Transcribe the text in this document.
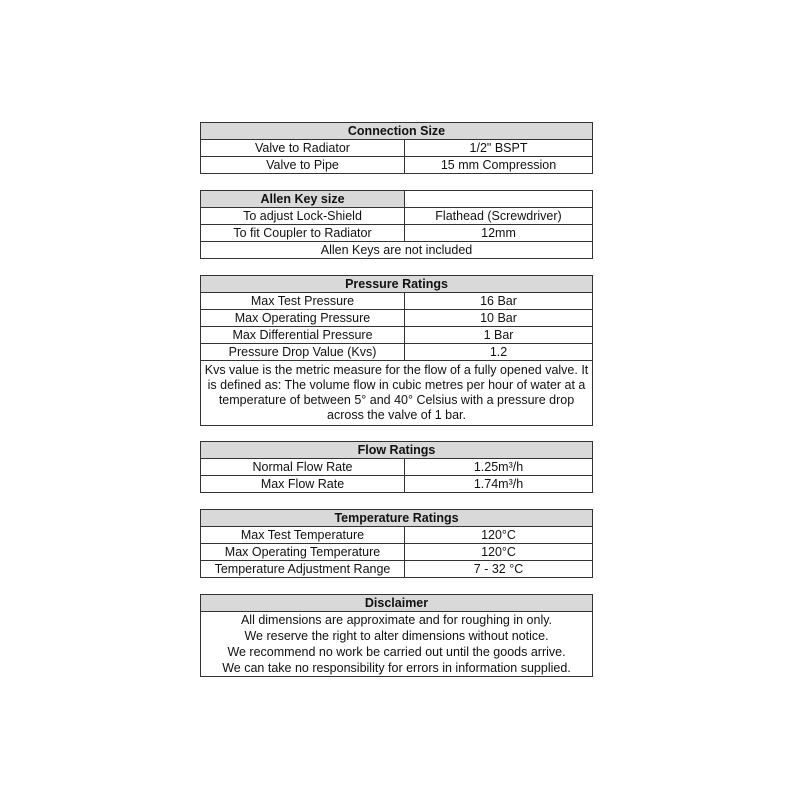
Connection Size	
Valve to Radiator	1/2" BSPT
Valve to Pipe	15 mm Compression
Allen Key size	
To adjust Lock-Shield	Flathead (Screwdriver)
To fit Coupler to Radiator	12mm
Allen Keys are not included	
Pressure Ratings	
Max Test Pressure	16 Bar
Max Operating Pressure	10 Bar
Max Differential Pressure	1 Bar
Pressure Drop Value (Kvs)	1.2
Kvs value is the metric measure for the flow of a fully opened valve. It is defined as: The volume flow in cubic metres per hour of water at a temperature of between 5° and 40° Celsius with a pressure drop across the valve of 1 bar.	
Flow Ratings	
Normal Flow Rate	1.25m³/h
Max Flow Rate	1.74m³/h
Temperature Ratings	
Max Test Temperature	120°C
Max Operating Temperature	120°C
Temperature Adjustment Range	7 - 32 °C
Disclaimer
All dimensions are approximate and for roughing in only.
We reserve the right to alter dimensions without notice.
We recommend no work be carried out until the goods arrive.
We can take no responsibility for errors in information supplied.
